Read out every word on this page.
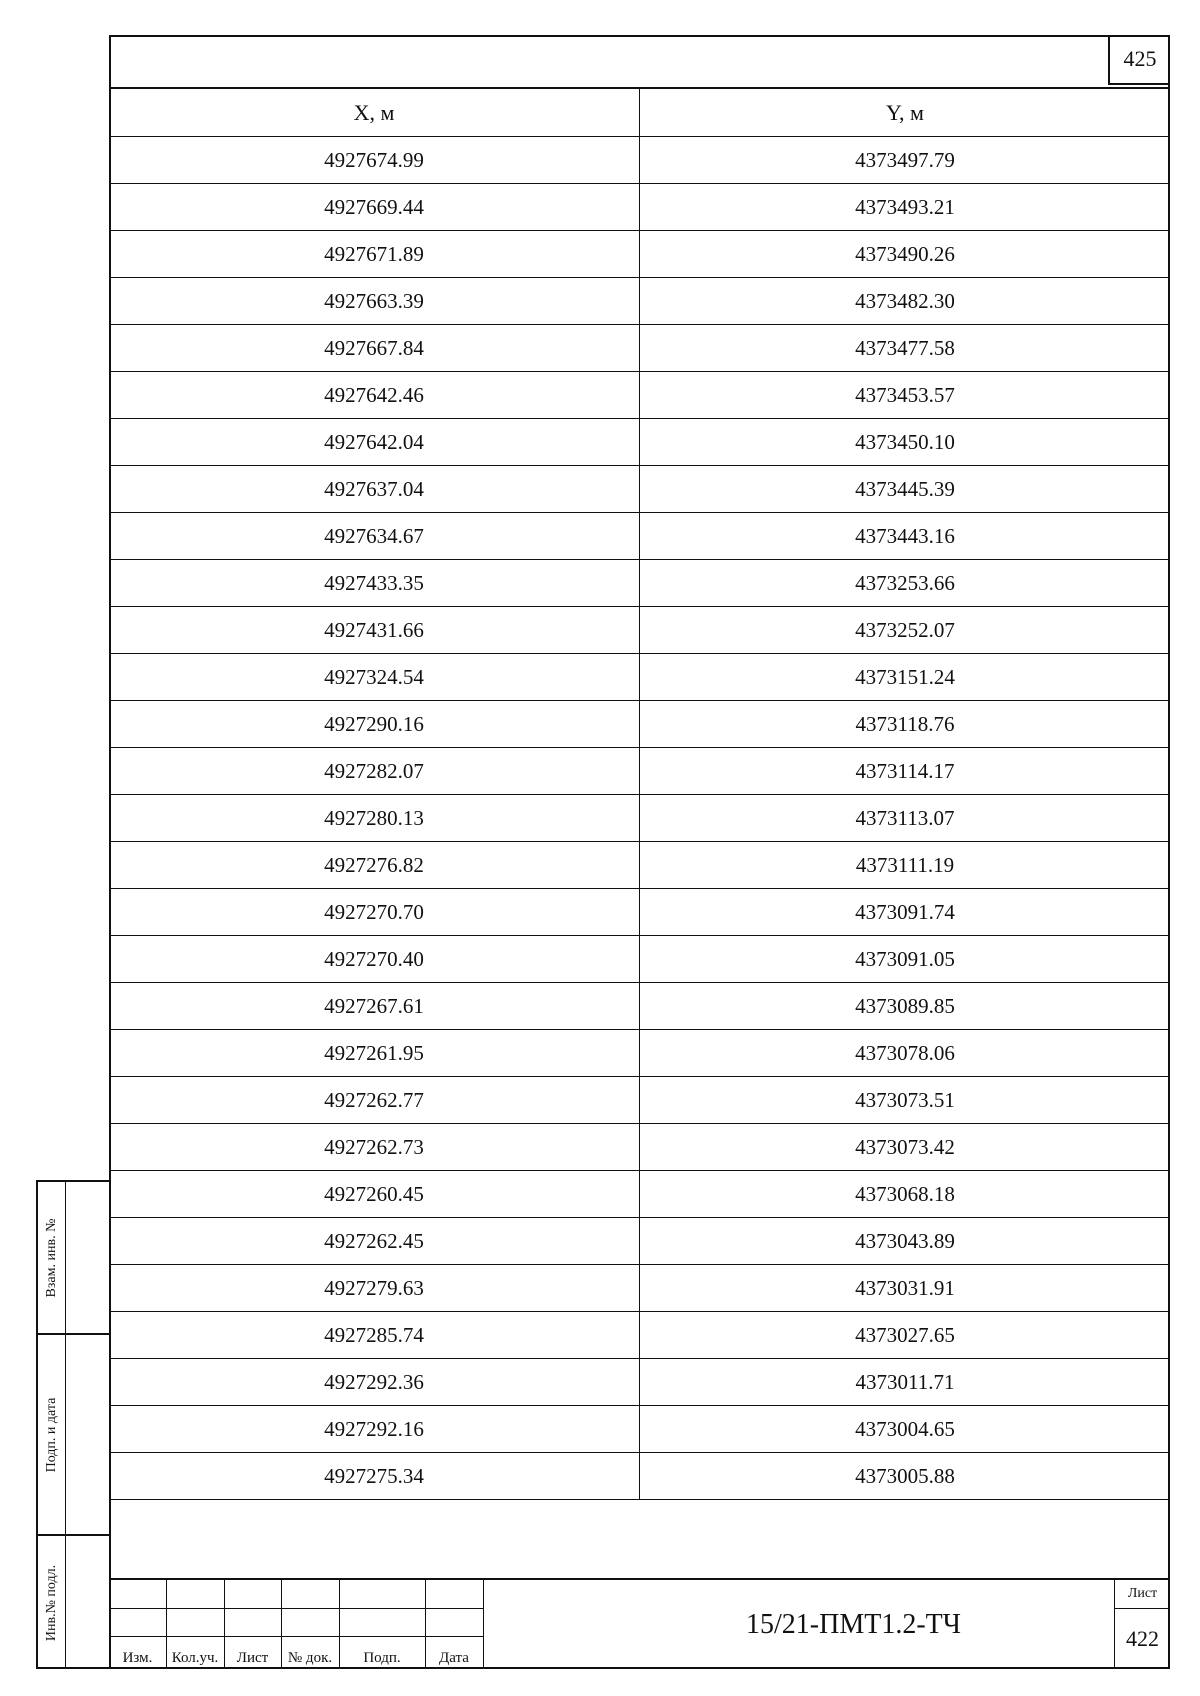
425
X, м	Y, м
4927674.99	4373497.79
4927669.44	4373493.21
4927671.89	4373490.26
4927663.39	4373482.30
4927667.84	4373477.58
4927642.46	4373453.57
4927642.04	4373450.10
4927637.04	4373445.39
4927634.67	4373443.16
4927433.35	4373253.66
4927431.66	4373252.07
4927324.54	4373151.24
4927290.16	4373118.76
4927282.07	4373114.17
4927280.13	4373113.07
4927276.82	4373111.19
4927270.70	4373091.74
4927270.40	4373091.05
4927267.61	4373089.85
4927261.95	4373078.06
4927262.77	4373073.51
4927262.73	4373073.42
4927260.45	4373068.18
4927262.45	4373043.89
4927279.63	4373031.91
4927285.74	4373027.65
4927292.36	4373011.71
4927292.16	4373004.65
4927275.34	4373005.88
Взам. инв. №
Подп. и дата
Инв.№ подл.
Изм.	Кол.уч.	Лист	№ док.	Подп.	Дата
15/21-ПМТ1.2-ТЧ
Лист
422
